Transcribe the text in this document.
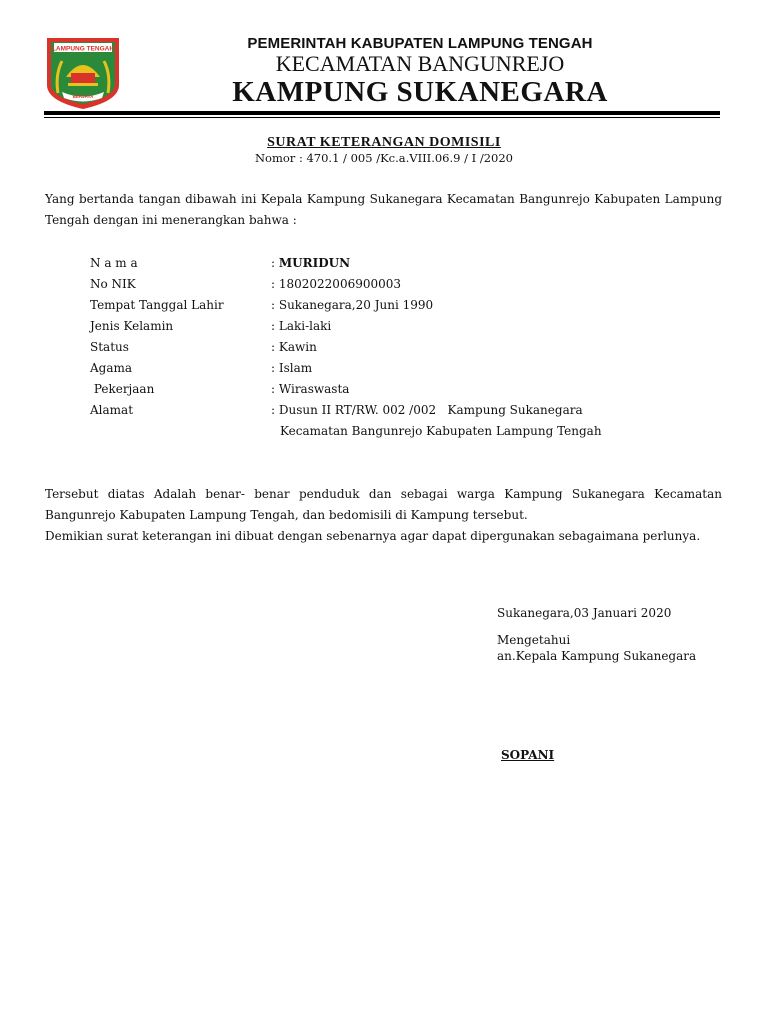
LAMPUNG TENGAH
BERJAYA
PEMERINTAH KABUPATEN LAMPUNG TENGAH
KECAMATAN BANGUNREJO
KAMPUNG SUKANEGARA
SURAT KETERANGAN DOMISILI
Nomor : 470.1 / 005 /Kc.a.VIII.06.9 / I /2020
Yang bertanda tangan dibawah ini Kepala Kampung Sukanegara Kecamatan Bangunrejo Kabupaten Lampung Tengah dengan ini menerangkan bahwa :
N a m a	: MURIDUN
No NIK	: 1802022006900003
Tempat Tanggal Lahir	: Sukanegara,20 Juni 1990
Jenis Kelamin	: Laki-laki
Status	: Kawin
Agama	: Islam
Pekerjaan	: Wiraswasta
Alamat	: Dusun II RT/RW. 002 /002   Kampung Sukanegara
Kecamatan Bangunrejo Kabupaten Lampung Tengah
Tersebut diatas Adalah benar- benar penduduk dan sebagai warga Kampung Sukanegara Kecamatan Bangunrejo Kabupaten Lampung Tengah, dan bedomisili di Kampung tersebut.
Demikian surat keterangan ini dibuat dengan sebenarnya agar dapat dipergunakan sebagaimana perlunya.
Sukanegara,03 Januari 2020
Mengetahui
an.Kepala Kampung Sukanegara
SOPANI
